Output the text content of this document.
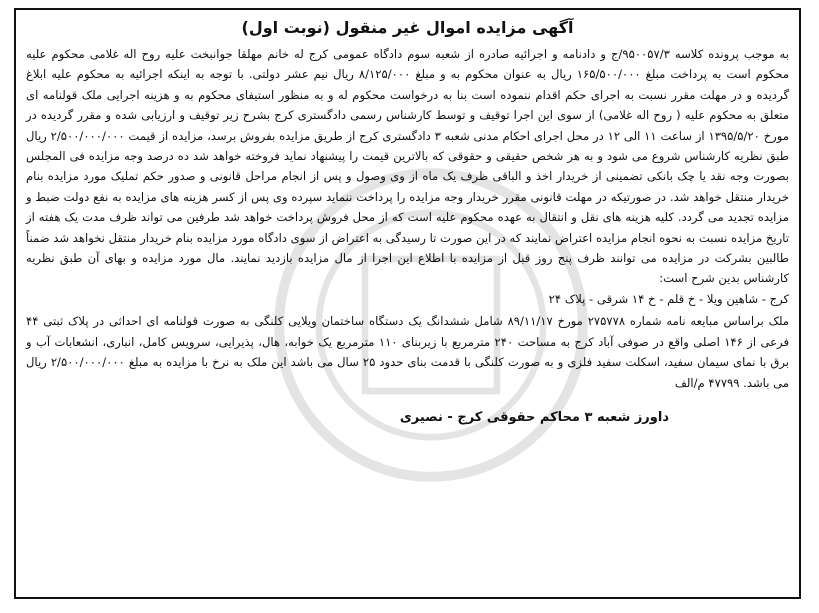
آگهی مزایده اموال غیر منقول (نوبت اول)

به موجب پرونده کلاسه ۹۵۰۰۵۷/۳/ج و دادنامه و اجرائیه صادره از شعبه سوم دادگاه عمومی کرج له خانم مهلقا جوانبخت علیه روح اله غلامی محکوم علیه محکوم است به پرداخت مبلغ ۱۶۵/۵۰۰/۰۰۰ ریال به عنوان محکوم به و مبلغ ۸/۱۲۵/۰۰۰ ریال نیم عشر دولتی. با توجه به اینکه اجرائیه به محکوم علیه ابلاغ گردیده و در مهلت مقرر نسبت به اجرای حکم اقدام ننموده است بنا به درخواست محکوم له و به منظور استیفای محکوم به و هزینه اجرایی ملک قولنامه ای متعلق به محکوم علیه ( روح اله غلامی) از سوی این اجرا توقیف و توسط کارشناس رسمی دادگستری کرج بشرح زیر توقیف و ارزیابی شده و مقرر گردیده در مورخ ۱۳۹۵/۵/۲۰ از ساعت ۱۱ الی ۱۲ در محل اجرای احکام مدنی شعبه ۳ دادگستری کرج از طریق مزایده بفروش برسد، مزایده از قیمت ۲/۵۰۰/۰۰۰/۰۰۰ ریال طبق نظریه کارشناس شروع می شود و به هر شخص حقیقی و حقوقی که بالاترین قیمت را پیشنهاد نماید فروخته خواهد شد ده درصد وجه مزایده فی المجلس بصورت وجه نقد یا چک بانکی تضمینی از خریدار اخذ و الباقی ظرف یک ماه از وی وصول و پس از انجام مراحل قانونی و صدور حکم تملیک مورد مزایده بنام خریدار منتقل خواهد شد. در صورتیکه در مهلت قانونی مقرر خریدار وجه مزایده را پرداخت ننماید سپرده وی پس از کسر هزینه های مزایده به نفع دولت ضبط و مزایده تجدید می گردد. کلیه هزینه های نقل و انتقال به عهده محکوم علیه است که از محل فروش پرداخت خواهد شد طرفین می تواند ظرف مدت یک هفته از تاریخ مزایده نسبت به نحوه انجام مزایده اعتراض نمایند که در این صورت تا رسیدگی به اعتراض از سوی دادگاه مورد مزایده بنام خریدار منتقل نخواهد شد ضمناً طالبین بشرکت در مزایده می توانند ظرف پنج روز قبل از مزایده با اطلاع این اجرا از مال مزایده بازدید نمایند. مال مورد مزایده و بهای آن طبق نظریه کارشناس بدین شرح است:

کرج - شاهین ویلا - خ قلم - خ ۱۴ شرقی - پلاک ۲۴

ملک براساس مبایعه نامه شماره ۲۷۵۷۷۸ مورخ ۸۹/۱۱/۱۷ شامل ششدانگ یک دستگاه ساختمان ویلایی کلنگی به صورت قولنامه ای احداثی در پلاک ثبتی ۴۴ فرعی از ۱۴۶ اصلی واقع در صوفی آباد کرج به مساحت ۲۴۰ مترمربع با زیربنای ۱۱۰ مترمربع یک خوابه، هال، پذیرایی، سرویس کامل، انباری، انشعابات آب و برق با نمای سیمان سفید، اسکلت سفید فلزی و به صورت کلنگی با قدمت بنای حدود ۲۵ سال می باشد این ملک به نرخ با مزایده به مبلغ ۲/۵۰۰/۰۰۰/۰۰۰ ریال می باشد. ۴۷۷۹۹ م/الف

داورز شعبه ۳ محاکم حقوقی کرج - نصیری
